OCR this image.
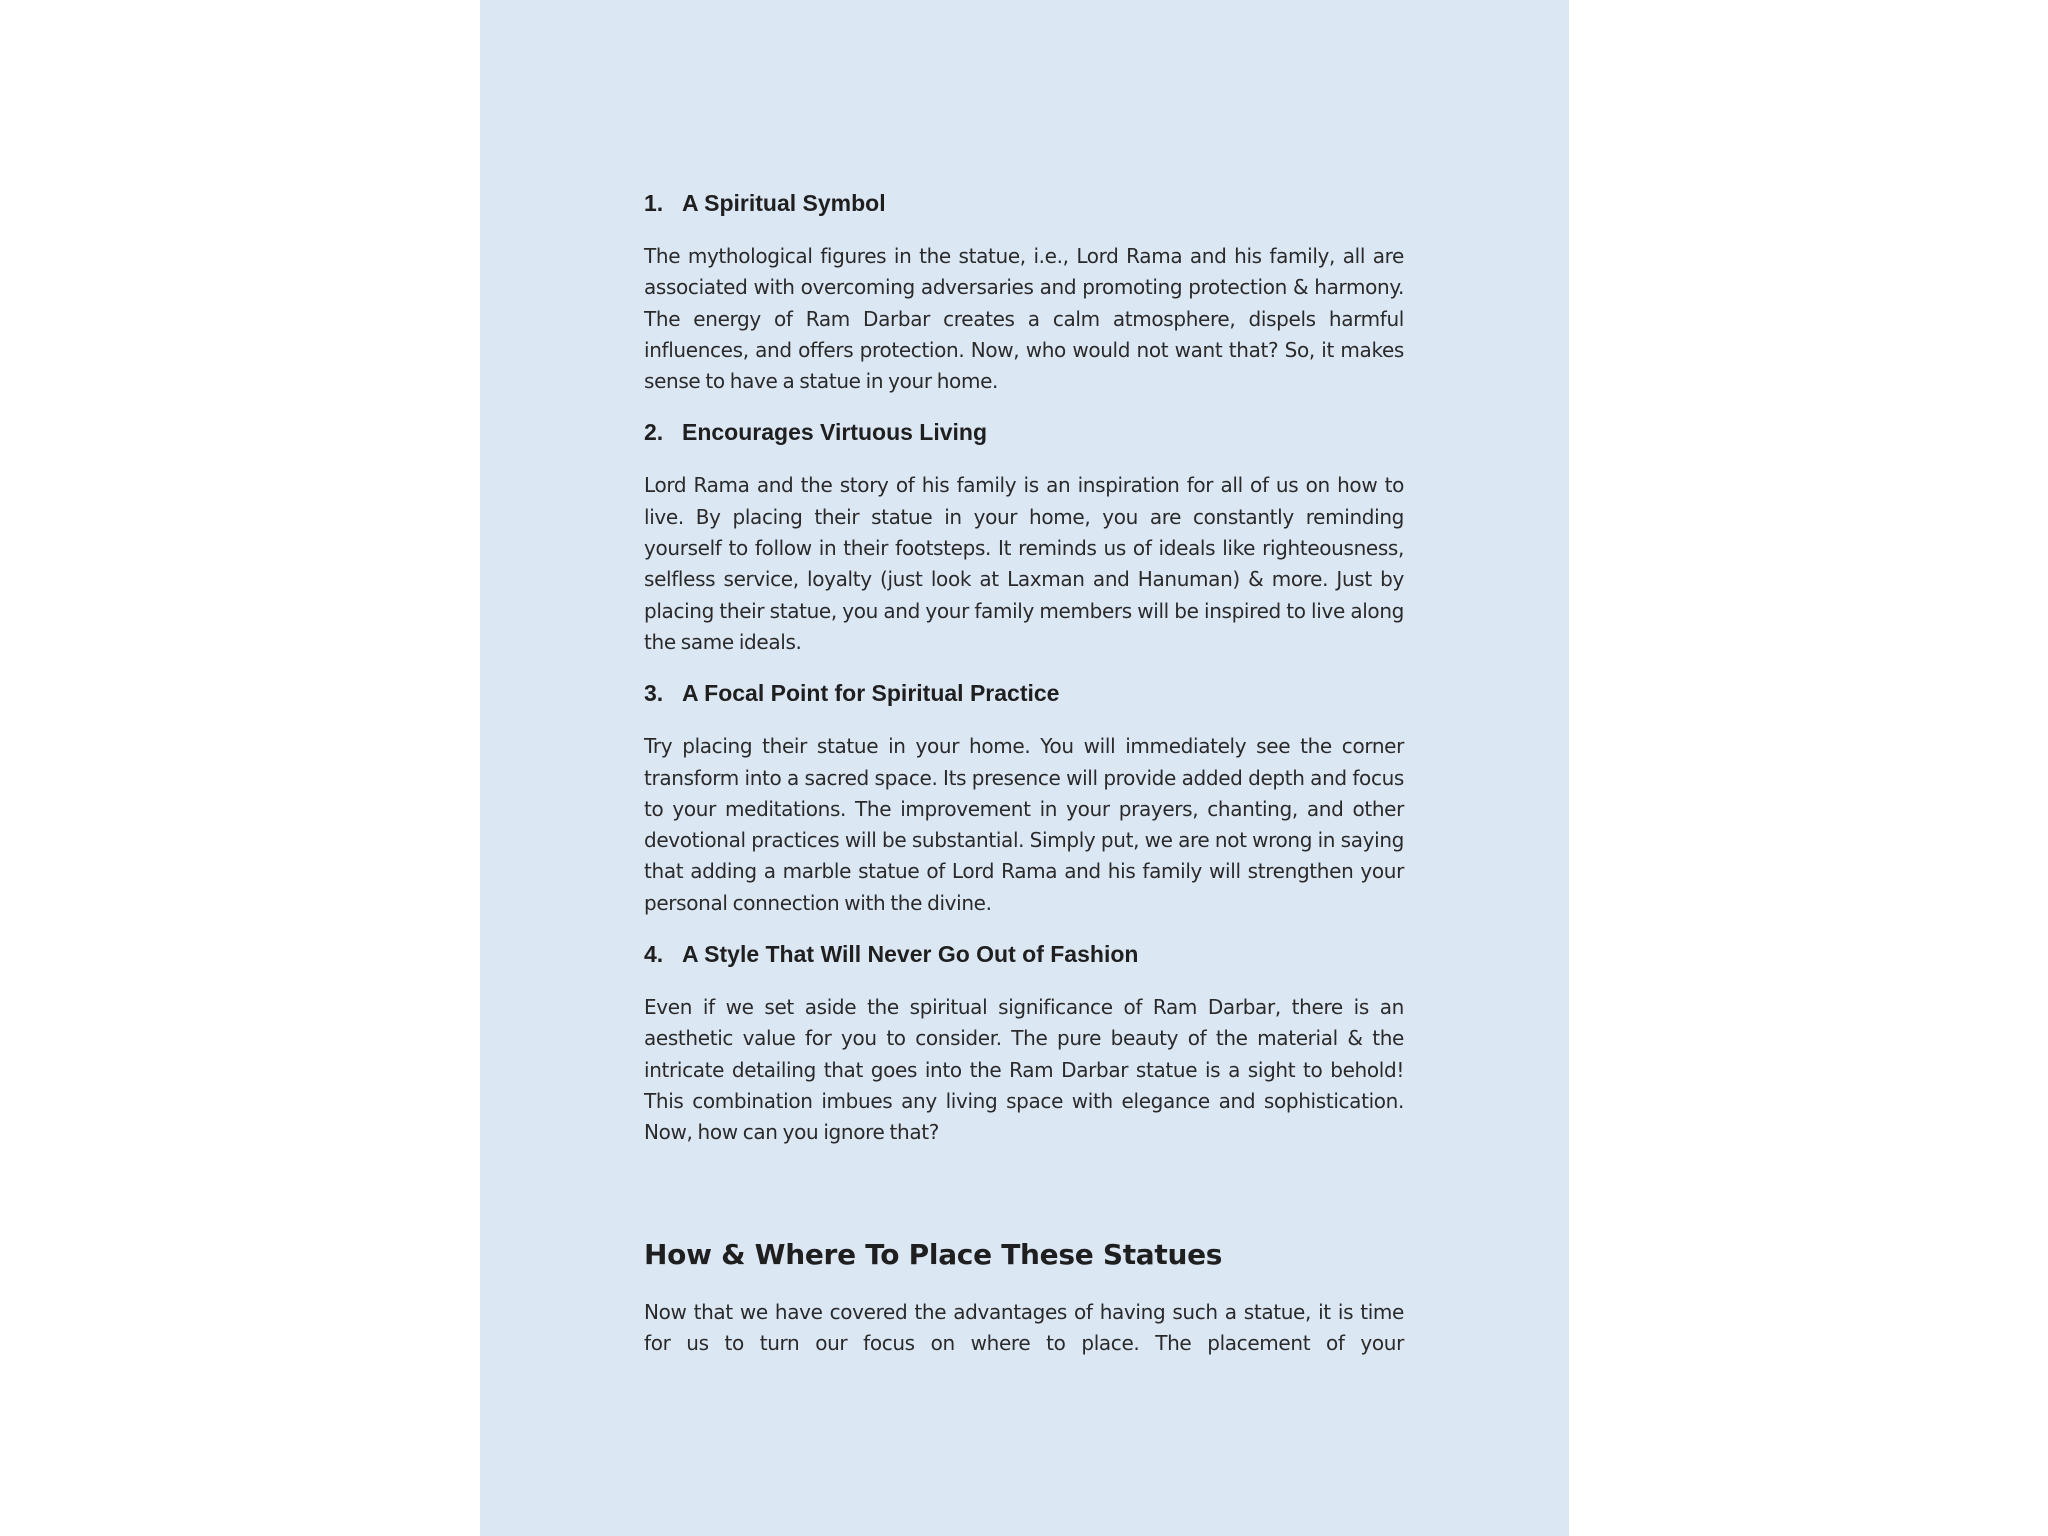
1. A Spiritual Symbol

The mythological figures in the statue, i.e., Lord Rama and his family, all are associated with overcoming adversaries and promoting protection & harmony. The energy of Ram Darbar creates a calm atmosphere, dispels harmful influences, and offers protection. Now, who would not want that? So, it makes sense to have a statue in your home.

2. Encourages Virtuous Living

Lord Rama and the story of his family is an inspiration for all of us on how to live. By placing their statue in your home, you are constantly reminding yourself to follow in their footsteps. It reminds us of ideals like righteousness, selfless service, loyalty (just look at Laxman and Hanuman) & more. Just by placing their statue, you and your family members will be inspired to live along the same ideals.

3. A Focal Point for Spiritual Practice

Try placing their statue in your home. You will immediately see the corner transform into a sacred space. Its presence will provide added depth and focus to your meditations. The improvement in your prayers, chanting, and other devotional practices will be substantial. Simply put, we are not wrong in saying that adding a marble statue of Lord Rama and his family will strengthen your personal connection with the divine.

4. A Style That Will Never Go Out of Fashion

Even if we set aside the spiritual significance of Ram Darbar, there is an aesthetic value for you to consider. The pure beauty of the material & the intricate detailing that goes into the Ram Darbar statue is a sight to behold! This combination imbues any living space with elegance and sophistication. Now, how can you ignore that?

How & Where To Place These Statues

Now that we have covered the advantages of having such a statue, it is time for us to turn our focus on where to place. The placement of your
